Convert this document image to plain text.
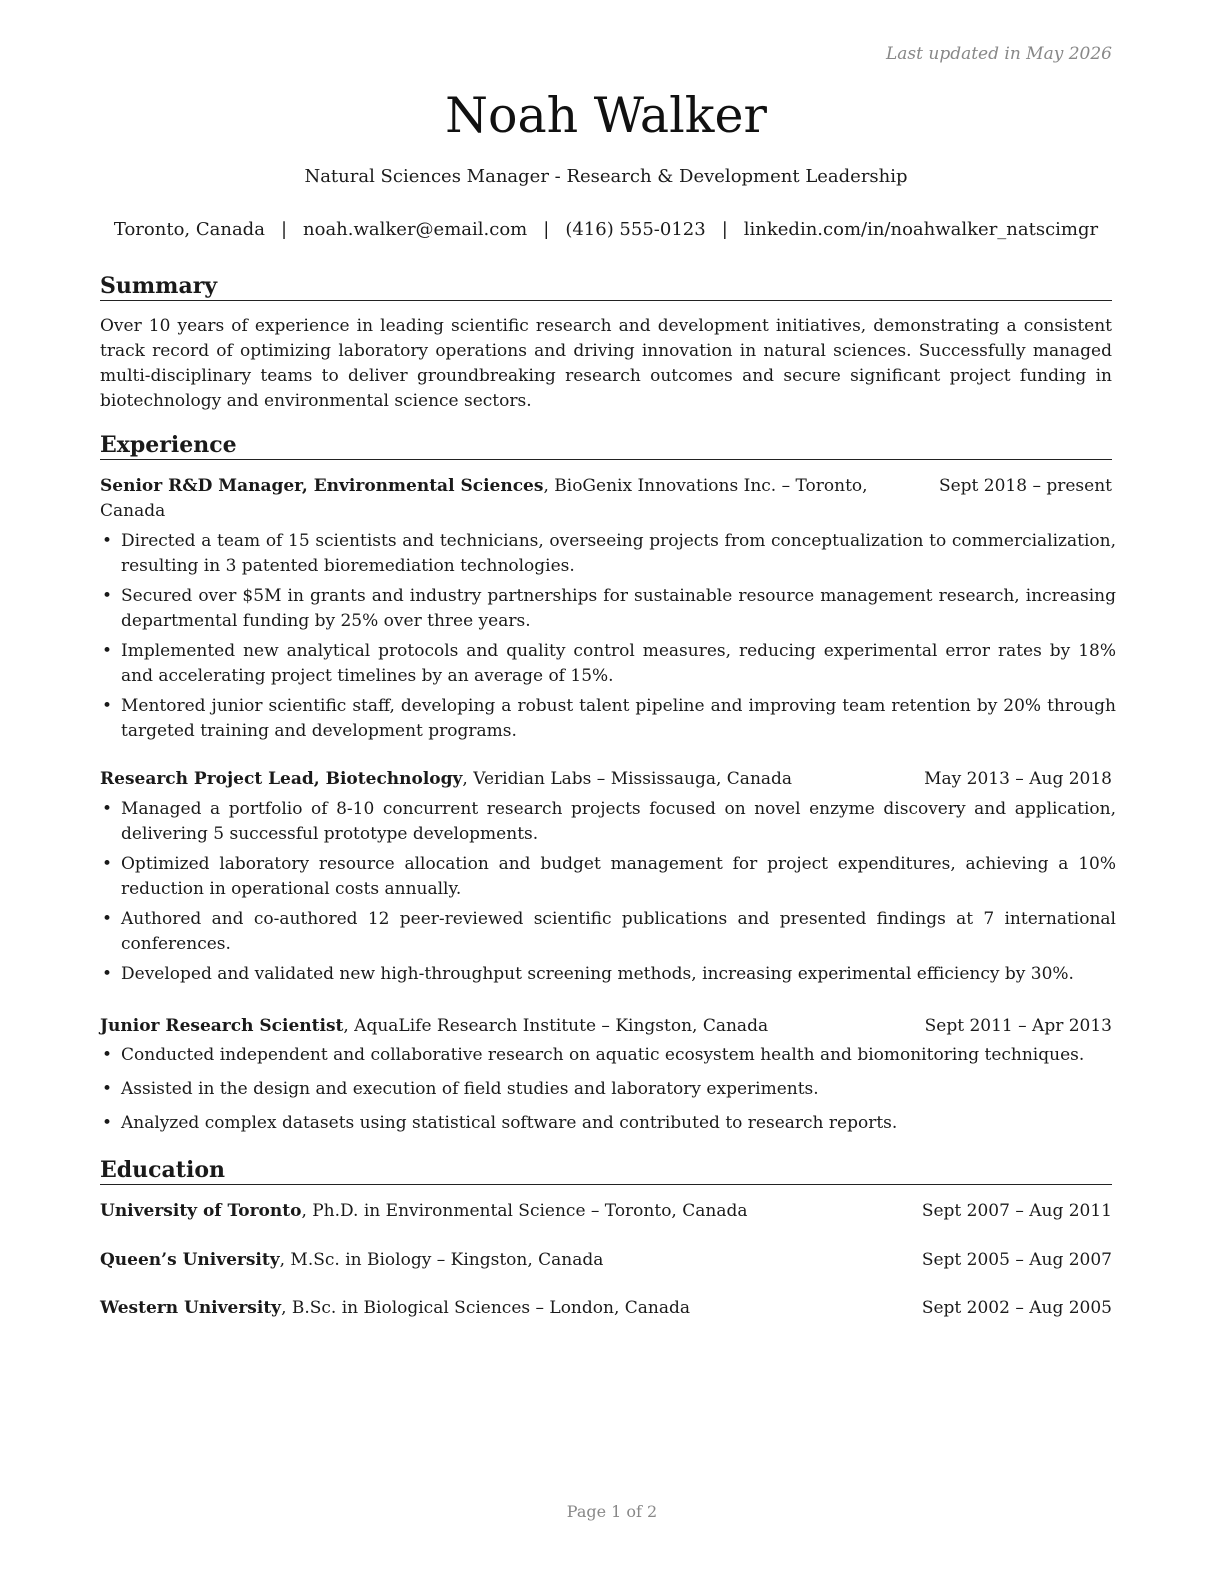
Last updated in May 2026
Noah Walker
Natural Sciences Manager - Research & Development Leadership
Toronto, Canada | noah.walker@email.com | (416) 555-0123 | linkedin.com/in/noahwalker_natscimgr
Summary
Over 10 years of experience in leading scientific research and development initiatives, demonstrating a consistent track record of optimizing laboratory operations and driving innovation in natural sciences. Successfully managed multi-disciplinary teams to deliver groundbreaking research outcomes and secure significant project funding in biotechnology and environmental science sectors.
Experience
Senior R&D Manager, Environmental Sciences, BioGenix Innovations Inc. – Toronto,
Canada
Sept 2018 – present
• Directed a team of 15 scientists and technicians, overseeing projects from conceptualization to commercialization, resulting in 3 patented bioremediation technologies.
• Secured over $5M in grants and industry partnerships for sustainable resource management research, increasing departmental funding by 25% over three years.
• Implemented new analytical protocols and quality control measures, reducing experimental error rates by 18% and accelerating project timelines by an average of 15%.
• Mentored junior scientific staff, developing a robust talent pipeline and improving team retention by 20% through targeted training and development programs.
Research Project Lead, Biotechnology, Veridian Labs – Mississauga, Canada	May 2013 – Aug 2018
• Managed a portfolio of 8-10 concurrent research projects focused on novel enzyme discovery and application, delivering 5 successful prototype developments.
• Optimized laboratory resource allocation and budget management for project expenditures, achieving a 10% reduction in operational costs annually.
• Authored and co-authored 12 peer-reviewed scientific publications and presented findings at 7 international conferences.
• Developed and validated new high-throughput screening methods, increasing experimental efficiency by 30%.
Junior Research Scientist, AquaLife Research Institute – Kingston, Canada	Sept 2011 – Apr 2013
• Conducted independent and collaborative research on aquatic ecosystem health and biomonitoring techniques.
• Assisted in the design and execution of field studies and laboratory experiments.
• Analyzed complex datasets using statistical software and contributed to research reports.
Education
University of Toronto, Ph.D. in Environmental Science – Toronto, Canada	Sept 2007 – Aug 2011
Queen’s University, M.Sc. in Biology – Kingston, Canada	Sept 2005 – Aug 2007
Western University, B.Sc. in Biological Sciences – London, Canada	Sept 2002 – Aug 2005
Page 1 of 2
